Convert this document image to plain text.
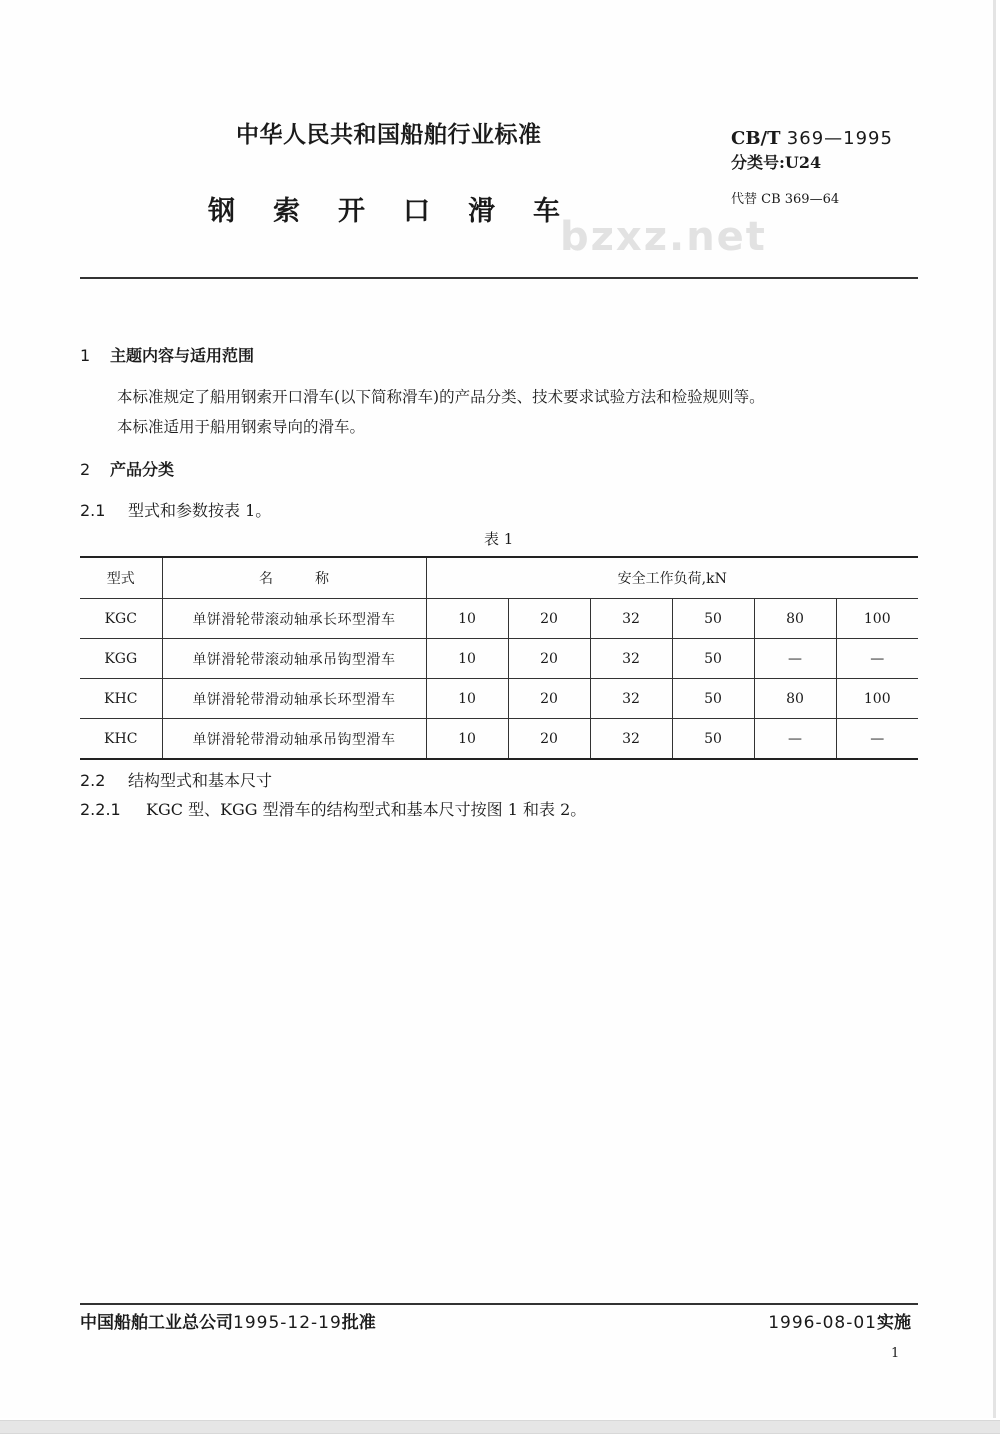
中华人民共和国船舶行业标准
bzxz.net
钢索开口滑车
CB/T 369—1995
分类号:U24
代替 CB 369—64
1 主题内容与适用范围
本标准规定了船用钢索开口滑车(以下简称滑车)的产品分类、技术要求试验方法和检验规则等。
本标准适用于船用钢索导向的滑车。
2 产品分类
2.1 型式和参数按表 1。
表 1
型式	名　　　称	安全工作负荷,kN					
KGC	单饼滑轮带滚动轴承长环型滑车	10	20	32	50	80	100
KGG	单饼滑轮带滚动轴承吊钩型滑车	10	20	32	50	—	—
KHC	单饼滑轮带滑动轴承长环型滑车	10	20	32	50	80	100
KHC	单饼滑轮带滑动轴承吊钩型滑车	10	20	32	50	—	—
2.2 结构型式和基本尺寸
2.2.1 KGC 型、KGG 型滑车的结构型式和基本尺寸按图 1 和表 2。
中国船舶工业总公司1995-12-19批准	1996-08-01实施
1
